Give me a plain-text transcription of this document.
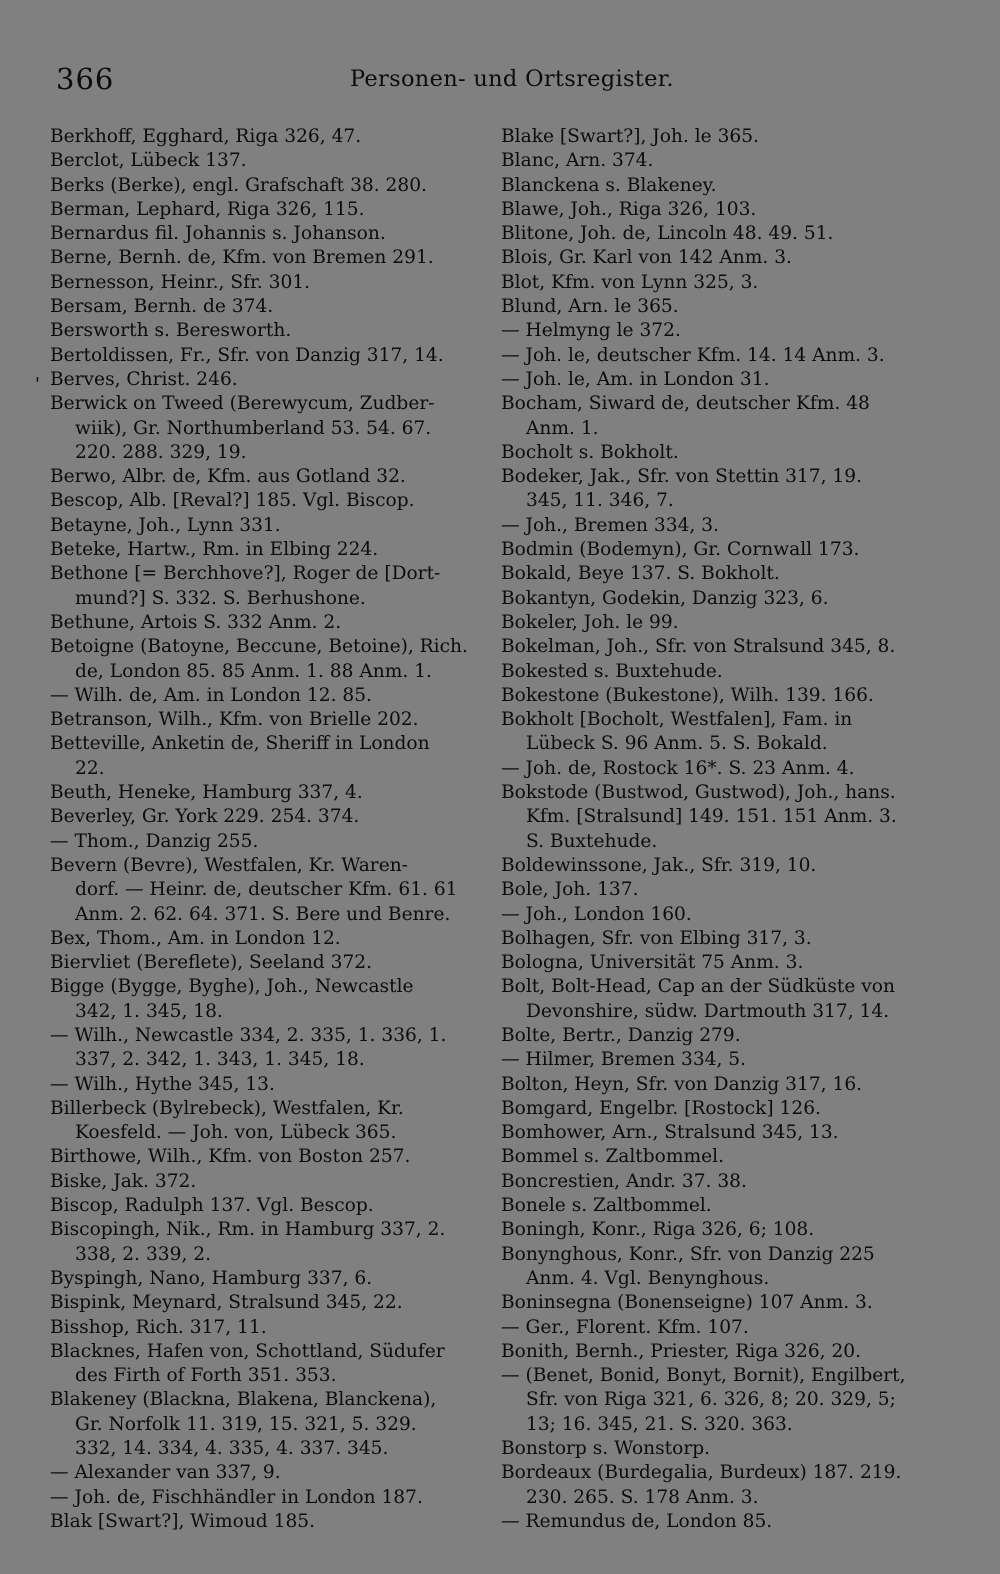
366	Personen- und Ortsregister.
'
Berkhoff, Egghard, Riga 326, 47.
Berclot, Lübeck 137.
Berks (Berke), engl. Grafschaft 38. 280.
Berman, Lephard, Riga 326, 115.
Bernardus fil. Johannis s. Johanson.
Berne, Bernh. de, Kfm. von Bremen 291.
Bernesson, Heinr., Sfr. 301.
Bersam, Bernh. de 374.
Bersworth s. Beresworth.
Bertoldissen, Fr., Sfr. von Danzig 317, 14.
Berves, Christ. 246.
Berwick on Tweed (Berewycum, Zudber-
wiik), Gr. Northumberland 53. 54. 67.
220. 288. 329, 19.
Berwo, Albr. de, Kfm. aus Gotland 32.
Bescop, Alb. [Reval?] 185. Vgl. Biscop.
Betayne, Joh., Lynn 331.
Beteke, Hartw., Rm. in Elbing 224.
Bethone [= Berchhove?], Roger de [Dort-
mund?] S. 332. S. Berhushone.
Bethune, Artois S. 332 Anm. 2.
Betoigne (Batoyne, Beccune, Betoine), Rich.
de, London 85. 85 Anm. 1. 88 Anm. 1.
— Wilh. de, Am. in London 12. 85.
Betranson, Wilh., Kfm. von Brielle 202.
Betteville, Anketin de, Sheriff in London
22.
Beuth, Heneke, Hamburg 337, 4.
Beverley, Gr. York 229. 254. 374.
— Thom., Danzig 255.
Bevern (Bevre), Westfalen, Kr. Waren-
dorf. — Heinr. de, deutscher Kfm. 61. 61
Anm. 2. 62. 64. 371. S. Bere und Benre.
Bex, Thom., Am. in London 12.
Biervliet (Bereflete), Seeland 372.
Bigge (Bygge, Byghe), Joh., Newcastle
342, 1. 345, 18.
— Wilh., Newcastle 334, 2. 335, 1. 336, 1.
337, 2. 342, 1. 343, 1. 345, 18.
— Wilh., Hythe 345, 13.
Billerbeck (Bylrebeck), Westfalen, Kr.
Koesfeld. — Joh. von, Lübeck 365.
Birthowe, Wilh., Kfm. von Boston 257.
Biske, Jak. 372.
Biscop, Radulph 137. Vgl. Bescop.
Biscopingh, Nik., Rm. in Hamburg 337, 2.
338, 2. 339, 2.
Byspingh, Nano, Hamburg 337, 6.
Bispink, Meynard, Stralsund 345, 22.
Bisshop, Rich. 317, 11.
Blacknes, Hafen von, Schottland, Südufer
des Firth of Forth 351. 353.
Blakeney (Blackna, Blakena, Blanckena),
Gr. Norfolk 11. 319, 15. 321, 5. 329.
332, 14. 334, 4. 335, 4. 337. 345.
— Alexander van 337, 9.
— Joh. de, Fischhändler in London 187.
Blak [Swart?], Wimoud 185.
Blake [Swart?], Joh. le 365.
Blanc, Arn. 374.
Blanckena s. Blakeney.
Blawe, Joh., Riga 326, 103.
Blitone, Joh. de, Lincoln 48. 49. 51.
Blois, Gr. Karl von 142 Anm. 3.
Blot, Kfm. von Lynn 325, 3.
Blund, Arn. le 365.
— Helmyng le 372.
— Joh. le, deutscher Kfm. 14. 14 Anm. 3.
— Joh. le, Am. in London 31.
Bocham, Siward de, deutscher Kfm. 48
Anm. 1.
Bocholt s. Bokholt.
Bodeker, Jak., Sfr. von Stettin 317, 19.
345, 11. 346, 7.
— Joh., Bremen 334, 3.
Bodmin (Bodemyn), Gr. Cornwall 173.
Bokald, Beye 137. S. Bokholt.
Bokantyn, Godekin, Danzig 323, 6.
Bokeler, Joh. le 99.
Bokelman, Joh., Sfr. von Stralsund 345, 8.
Bokested s. Buxtehude.
Bokestone (Bukestone), Wilh. 139. 166.
Bokholt [Bocholt, Westfalen], Fam. in
Lübeck S. 96 Anm. 5. S. Bokald.
— Joh. de, Rostock 16*. S. 23 Anm. 4.
Bokstode (Bustwod, Gustwod), Joh., hans.
Kfm. [Stralsund] 149. 151. 151 Anm. 3.
S. Buxtehude.
Boldewinssone, Jak., Sfr. 319, 10.
Bole, Joh. 137.
— Joh., London 160.
Bolhagen, Sfr. von Elbing 317, 3.
Bologna, Universität 75 Anm. 3.
Bolt, Bolt-Head, Cap an der Südküste von
Devonshire, südw. Dartmouth 317, 14.
Bolte, Bertr., Danzig 279.
— Hilmer, Bremen 334, 5.
Bolton, Heyn, Sfr. von Danzig 317, 16.
Bomgard, Engelbr. [Rostock] 126.
Bomhower, Arn., Stralsund 345, 13.
Bommel s. Zaltbommel.
Boncrestien, Andr. 37. 38.
Bonele s. Zaltbommel.
Boningh, Konr., Riga 326, 6; 108.
Bonynghous, Konr., Sfr. von Danzig 225
Anm. 4. Vgl. Benynghous.
Boninsegna (Bonenseigne) 107 Anm. 3.
— Ger., Florent. Kfm. 107.
Bonith, Bernh., Priester, Riga 326, 20.
— (Benet, Bonid, Bonyt, Bornit), Engilbert,
Sfr. von Riga 321, 6. 326, 8; 20. 329, 5;
13; 16. 345, 21. S. 320. 363.
Bonstorp s. Wonstorp.
Bordeaux (Burdegalia, Burdeux) 187. 219.
230. 265. S. 178 Anm. 3.
— Remundus de, London 85.
